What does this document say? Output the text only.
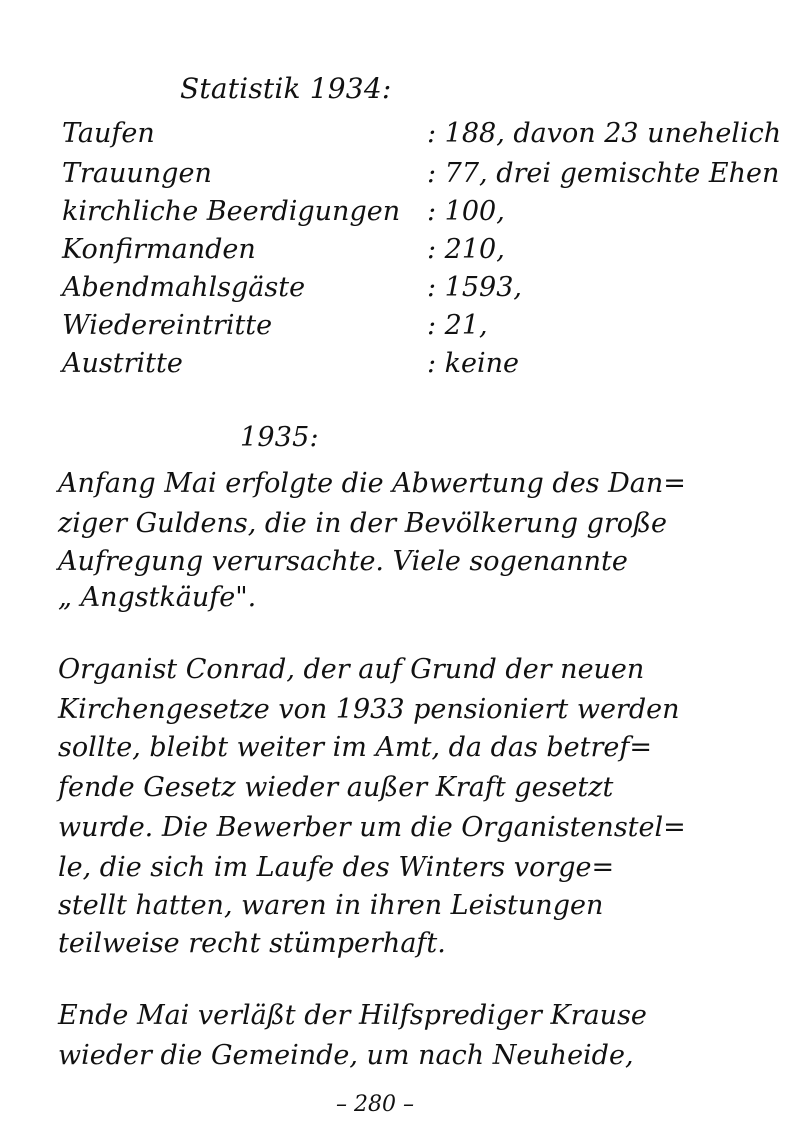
Statistik 1934:
Taufen	: 188, davon 23 unehelich
Trauungen	: 77, drei gemischte Ehen
kirchliche Beerdigungen : 100,
Konfirmanden	: 210,
Abendmahlsgäste	: 1593,
Wiedereintritte	: 21,
Austritte	: keine
1935:
Anfang Mai erfolgte die Abwertung des Dan=
ziger Guldens, die in der Bevölkerung große
Aufregung verursachte. Viele sogenannte
„ Angstkäufe".
Organist Conrad, der auf Grund der neuen
Kirchengesetze von 1933 pensioniert werden
sollte, bleibt weiter im Amt, da das betref=
fende Gesetz wieder außer Kraft gesetzt
wurde. Die Bewerber um die Organistenstel=
le, die sich im Laufe des Winters vorge=
stellt hatten, waren in ihren Leistungen
teilweise recht stümperhaft.
Ende Mai verläßt der Hilfsprediger Krause
wieder die Gemeinde, um nach Neuheide,
– 280 –
